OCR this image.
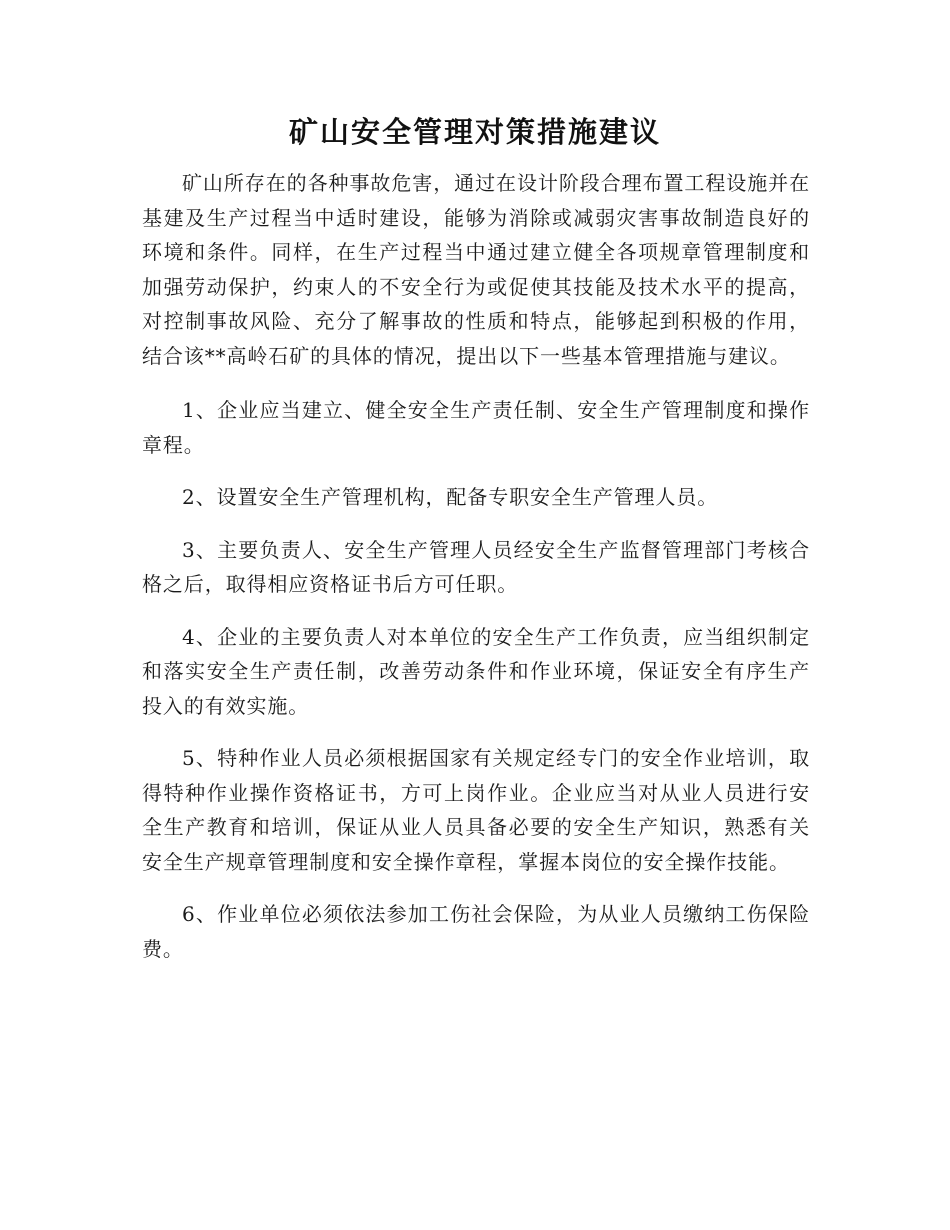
矿山安全管理对策措施建议

矿山所存在的各种事故危害，通过在设计阶段合理布置工程设施并在基建及生产过程当中适时建设，能够为消除或减弱灾害事故制造良好的环境和条件。同样，在生产过程当中通过建立健全各项规章管理制度和加强劳动保护，约束人的不安全行为或促使其技能及技术水平的提高，对控制事故风险、充分了解事故的性质和特点，能够起到积极的作用，结合该**高岭石矿的具体的情况，提出以下一些基本管理措施与建议。

1、企业应当建立、健全安全生产责任制、安全生产管理制度和操作章程。

2、设置安全生产管理机构，配备专职安全生产管理人员。

3、主要负责人、安全生产管理人员经安全生产监督管理部门考核合格之后，取得相应资格证书后方可任职。

4、企业的主要负责人对本单位的安全生产工作负责，应当组织制定和落实安全生产责任制，改善劳动条件和作业环境，保证安全有序生产投入的有效实施。

5、特种作业人员必须根据国家有关规定经专门的安全作业培训，取得特种作业操作资格证书，方可上岗作业。企业应当对从业人员进行安全生产教育和培训，保证从业人员具备必要的安全生产知识，熟悉有关安全生产规章管理制度和安全操作章程，掌握本岗位的安全操作技能。

6、作业单位必须依法参加工伤社会保险，为从业人员缴纳工伤保险费。
